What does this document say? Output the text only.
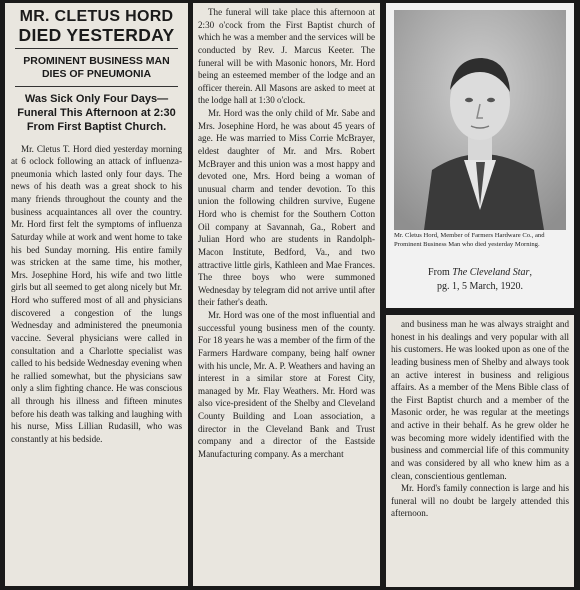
MR. CLETUS HORD
DIED YESTERDAY
PROMINENT BUSINESS MAN DIES OF PNEUMONIA
Was Sick Only Four Days—Funeral This Afternoon at 2:30 From First Baptist Church.

Mr. Cletus T. Hord died yesterday morning at 6 oclock following an attack of influenza-pneumonia which lasted only four days. The news of his death was a great shock to his many friends throughout the county and the business acquaintances all over the country. Mr. Hord first felt the symptoms of influenza Saturday while at work and went home to take his bed Sunday morning. His entire family was stricken at the same time, his mother, Mrs. Josephine Hord, his wife and two little girls but all seemed to get along nicely but Mr. Hord who suffered most of all and physicians discovered a congestion of the lungs Wednesday and administered the pneumonia vaccine. Several physicians were called in consultation and a Charlotte specialist was called to his bedside Wednesday evening when he rallied somewhat, but the physicians saw only a slim fighting chance. He was conscious all through his illness and fifteen minutes before his death was talking and laughing with his nurse, Miss Lillian Rudasill, who was constantly at his bedside.

The funeral will take place this afternoon at 2:30 o'cock from the First Baptist church of which he was a member and the services will be conducted by Rev. J. Marcus Keeter. The funeral will be with Masonic honors, Mr. Hord being an esteemed member of the lodge and an officer therein. All Masons are asked to meet at the lodge hall at 1:30 o'clock.

Mr. Hord was the only child of Mr. Sabe and Mrs. Josephine Hord, he was about 45 years of age. He was married to Miss Corrie McBrayer, eldest daughter of Mr. and Mrs. Robert McBrayer and this union was a most happy and devoted one, Mrs. Hord being a woman of unusual charm and tender devotion. To this union the following children survive, Eugene Hord who is chemist for the Southern Cotton Oil company at Savannah, Ga., Robert and Julian Hord who are students in Randolph-Macon Institute, Bedford, Va., and two attractive little girls, Kathleen and Mae Frances. The three boys who were summoned Wednesday by telegram did not arrive until after their father's death.

Mr. Hord was one of the most influential and successful young business men of the county. For 18 years he was a member of the firm of the Farmers Hardware company, being half owner with his uncle, Mr. A. P. Weathers and having an interest in a similar store at Forest City, managed by Mr. Flay Weathers. Mr. Hord was also vice-president of the Shelby and Cleveland County Building and Loan association, a director in the Cleveland Bank and Trust company and a director of the Eastside Manufacturing company. As a merchant

Mr. Cletus Hord, Member of Farmers Hardware Co., and Prominent Business Man who died yesterday Morning.
From The Cleveland Star,
pg. 1, 5 March, 1920.

and business man he was always straight and honest in his dealings and very popular with all his customers. He was looked upon as one of the leading business men of Shelby and always took an active interest in business and religious affairs. As a member of the Mens Bible class of the First Baptist church and a member of the Masonic order, he was regular at the meetings and active in their behalf. As he grew older he was becoming more widely identified with the business and commercial life of this community and was considered by all who knew him as a clean, conscientious gentleman.

Mr. Hord's family connection is large and his funeral will no doubt be largely attended this afternoon.
